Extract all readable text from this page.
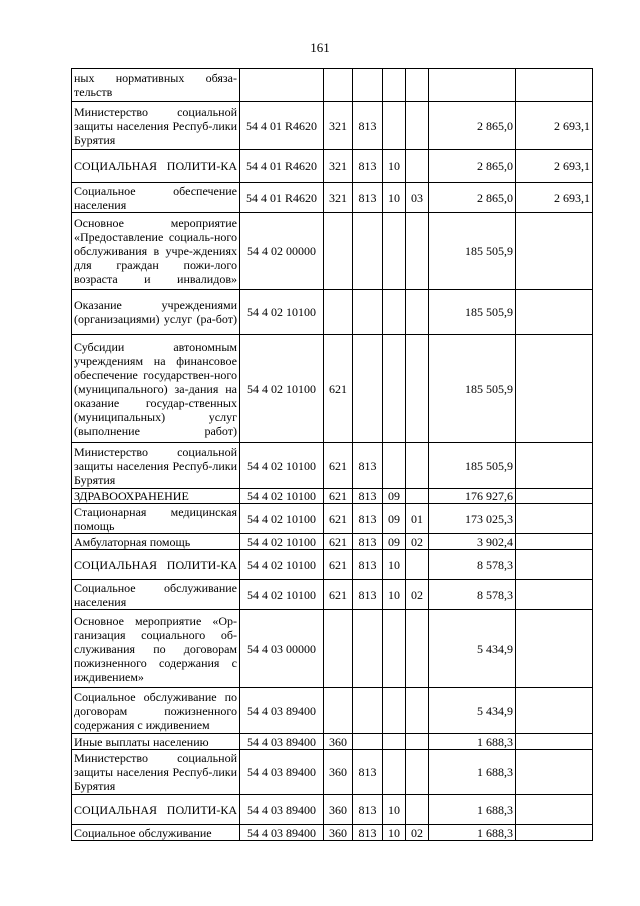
161
ных нормативных обяза-тельств							
Министерство социальной защиты населения Респуб-лики Бурятия	54 4 01 R4620	321	813			2 865,0	2 693,1
СОЦИАЛЬНАЯ ПОЛИТИ-КА	54 4 01 R4620	321	813	10		2 865,0	2 693,1
Социальное обеспечение населения	54 4 01 R4620	321	813	10	03	2 865,0	2 693,1
Основное мероприятие «Предоставление социаль-ного обслуживания в учре-ждениях для граждан пожи-лого возраста и инвалидов»	54 4 02 00000					185 505,9	
Оказание учреждениями (организациями) услуг (ра-бот)	54 4 02 10100					185 505,9	
Субсидии автономным учреждениям на финансовое обеспечение государствен-ного (муниципального) за-дания на оказание государ-ственных (муниципальных) услуг (выполнение работ)	54 4 02 10100	621				185 505,9	
Министерство социальной защиты населения Респуб-лики Бурятия	54 4 02 10100	621	813			185 505,9	
ЗДРАВООХРАНЕНИЕ	54 4 02 10100	621	813	09		176 927,6	
Стационарная медицинская помощь	54 4 02 10100	621	813	09	01	173 025,3	
Амбулаторная помощь	54 4 02 10100	621	813	09	02	3 902,4	
СОЦИАЛЬНАЯ ПОЛИТИ-КА	54 4 02 10100	621	813	10		8 578,3	
Социальное обслуживание населения	54 4 02 10100	621	813	10	02	8 578,3	
Основное мероприятие «Ор-ганизация социального об-служивания по договорам пожизненного содержания с иждивением»	54 4 03 00000					5 434,9	
Социальное обслуживание по договорам пожизненного содержания с иждивением	54 4 03 89400					5 434,9	
Иные выплаты населению	54 4 03 89400	360				1 688,3	
Министерство социальной защиты населения Респуб-лики Бурятия	54 4 03 89400	360	813			1 688,3	
СОЦИАЛЬНАЯ ПОЛИТИ-КА	54 4 03 89400	360	813	10		1 688,3	
Социальное обслуживание	54 4 03 89400	360	813	10	02	1 688,3	
